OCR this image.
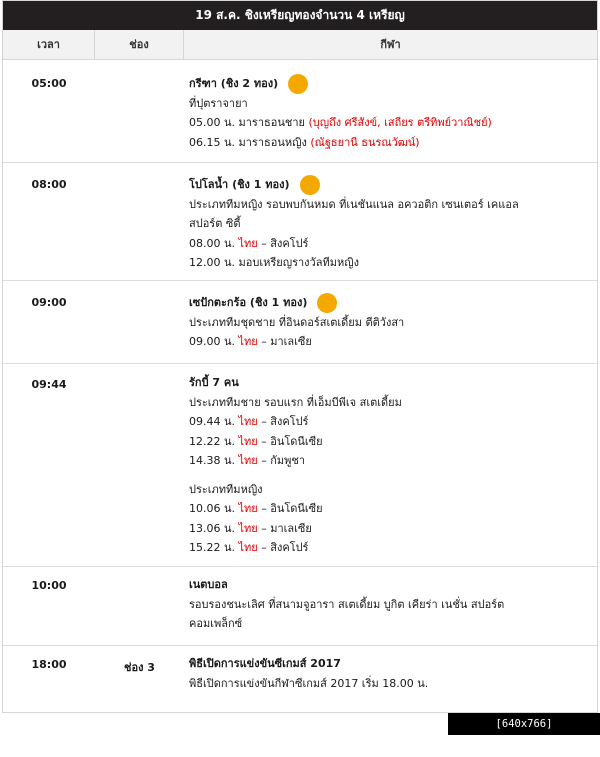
19 ส.ค. ชิงเหรียญทองจำนวน 4 เหรียญ
เวลา	ช่อง	กีฬา
05:00	กรีฑา (ชิง 2 ทอง)
ที่ปุตราจายา
05.00 น. มาราธอนชาย (บุญถึง ศรีสังข์, เสถียร ตรีทิพย์วาณิชย์)
06.15 น. มาราธอนหญิง (ณัฐธยานี ธนรณวัฒน์)
08:00	โปโลน้ำ (ชิง 1 ทอง)
ประเภททีมหญิง รอบพบกันหมด ที่เนชันแนล อควอติก เซนเตอร์ เคแอล
สปอร์ต ซิตี้
08.00 น. ไทย – สิงคโปร์
12.00 น. มอบเหรียญรางวัลทีมหญิง
09:00	เซปักตะกร้อ (ชิง 1 ทอง)
ประเภททีมชุดชาย ที่อินดอร์สเตเดี้ยม ตีติวังสา
09.00 น. ไทย – มาเลเซีย
09:44	รักบี้ 7 คน
ประเภททีมชาย รอบแรก ที่เอ็มบีพีเจ สเตเดี้ยม
09.44 น. ไทย – สิงคโปร์
12.22 น. ไทย – อินโดนีเซีย
14.38 น. ไทย – กัมพูชา
ประเภททีมหญิง
10.06 น. ไทย – อินโดนีเซีย
13.06 น. ไทย – มาเลเซีย
15.22 น. ไทย – สิงคโปร์
10:00	เนตบอล
รอบรองชนะเลิศ ที่สนามจูอารา สเตเดี้ยม บูกิต เคียร่า เนชั่น สปอร์ต
คอมเพล็กซ์
18:00	ช่อง 3	พิธีเปิดการแข่งขันซีเกมส์ 2017
พิธีเปิดการแข่งขันกีฬาซีเกมส์ 2017 เริ่ม 18.00 น.
[640x766] http://upic.me/
